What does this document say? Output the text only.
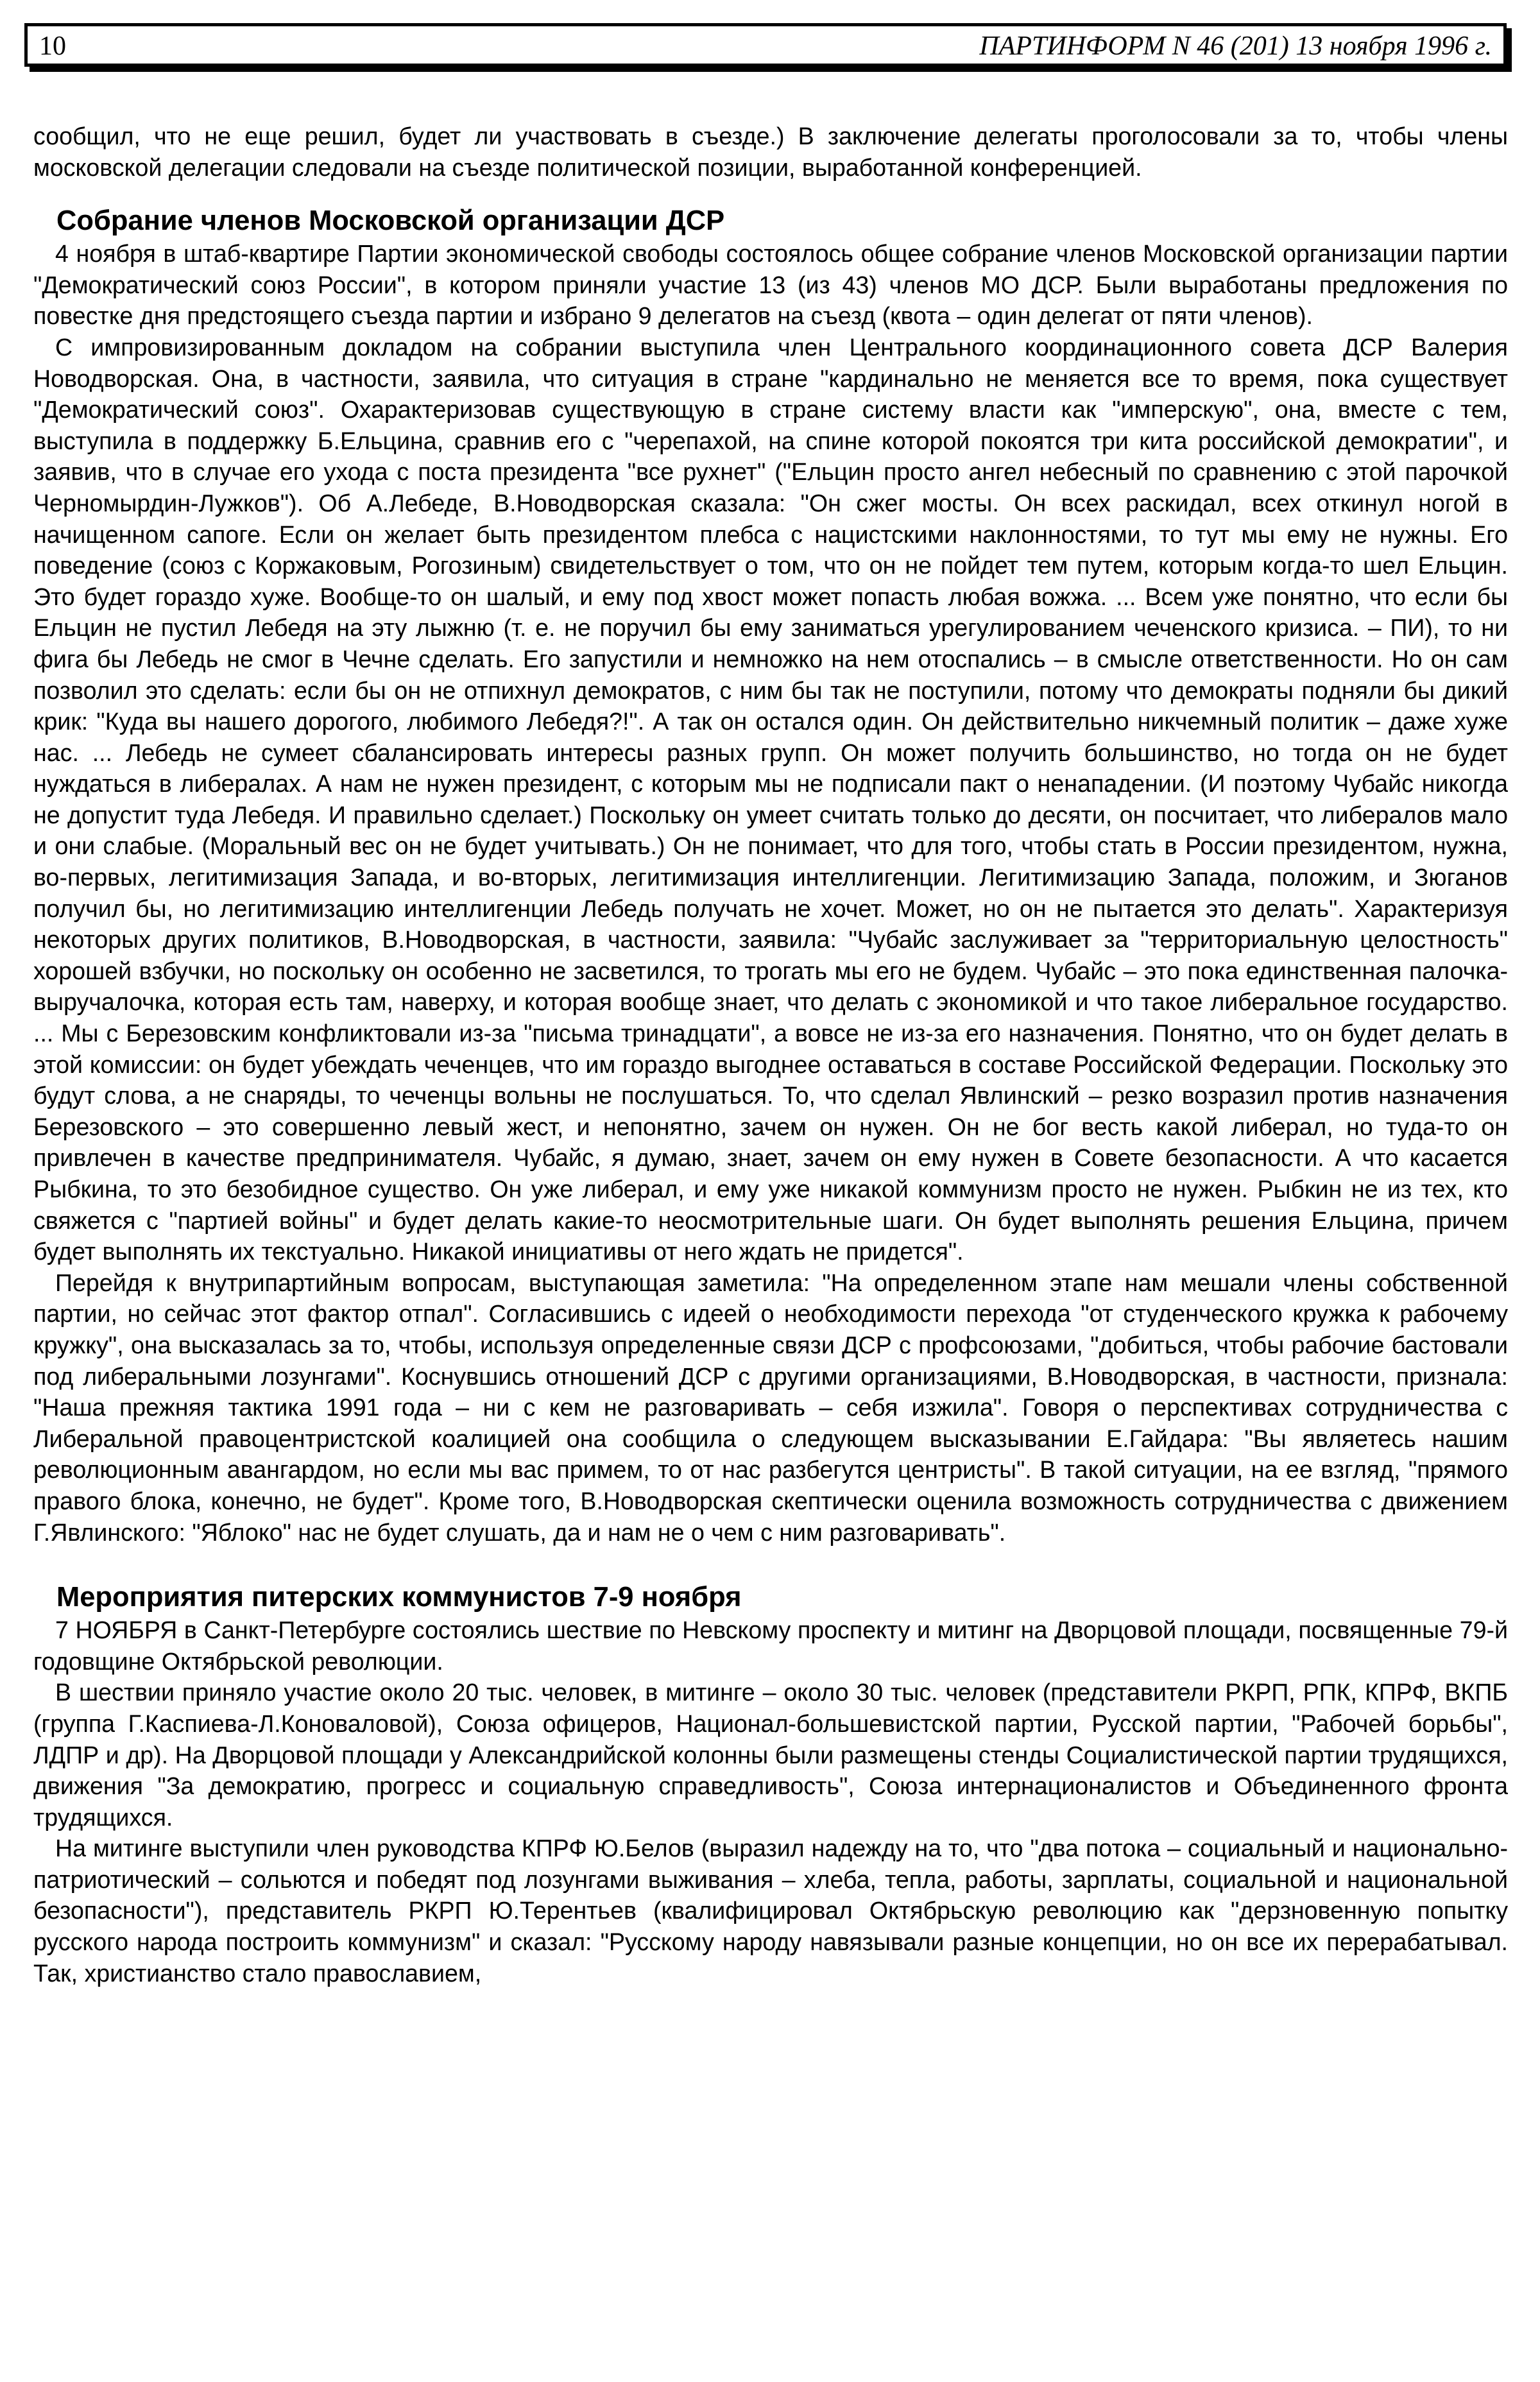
10	ПАРТИНФОРМ N 46 (201) 13 ноября 1996 г.

сообщил, что не еще решил, будет ли участвовать в съезде.) В заключение делегаты проголосовали за то, чтобы члены московской делегации следовали на съезде политической позиции, выработанной конференцией.

Собрание членов Московской организации ДСР

4 ноября в штаб-квартире Партии экономической свободы состоялось общее собрание членов Московской организации партии "Демократический союз России", в котором приняли участие 13 (из 43) членов МО ДСР. Были выработаны предложения по повестке дня предстоящего съезда партии и избрано 9 делегатов на съезд (квота – один делегат от пяти членов).

С импровизированным докладом на собрании выступила член Центрального координационного совета ДСР Валерия Новодворская. Она, в частности, заявила, что ситуация в стране "кардинально не меняется все то время, пока существует "Демократический союз". Охарактеризовав существующую в стране систему власти как "имперскую", она, вместе с тем, выступила в поддержку Б.Ельцина, сравнив его с "черепахой, на спине которой покоятся три кита российской демократии", и заявив, что в случае его ухода с поста президента "все рухнет" ("Ельцин просто ангел небесный по сравнению с этой парочкой Черномырдин-Лужков"). Об А.Лебеде, В.Новодворская сказала: "Он сжег мосты. Он всех раскидал, всех откинул ногой в начищенном сапоге. Если он желает быть президентом плебса с нацистскими наклонностями, то тут мы ему не нужны. Его поведение (союз с Коржаковым, Рогозиным) свидетельствует о том, что он не пойдет тем путем, которым когда-то шел Ельцин. Это будет гораздо хуже. Вообще-то он шалый, и ему под хвост может попасть любая вожжа. ... Всем уже понятно, что если бы Ельцин не пустил Лебедя на эту лыжню (т. е. не поручил бы ему заниматься урегулированием чеченского кризиса. – ПИ), то ни фига бы Лебедь не смог в Чечне сделать. Его запустили и немножко на нем отоспались – в смысле ответственности. Но он сам позволил это сделать: если бы он не отпихнул демократов, с ним бы так не поступили, потому что демократы подняли бы дикий крик: "Куда вы нашего дорогого, любимого Лебедя?!". А так он остался один. Он действительно никчемный политик – даже хуже нас. ... Лебедь не сумеет сбалансировать интересы разных групп. Он может получить большинство, но тогда он не будет нуждаться в либералах. А нам не нужен президент, с которым мы не подписали пакт о ненападении. (И поэтому Чубайс никогда не допустит туда Лебедя. И правильно сделает.) Поскольку он умеет считать только до десяти, он посчитает, что либералов мало и они слабые. (Моральный вес он не будет учитывать.) Он не понимает, что для того, чтобы стать в России президентом, нужна, во-первых, легитимизация Запада, и во-вторых, легитимизация интеллигенции. Легитимизацию Запада, положим, и Зюганов получил бы, но легитимизацию интеллигенции Лебедь получать не хочет. Может, но он не пытается это делать". Характеризуя некоторых других политиков, В.Новодворская, в частности, заявила: "Чубайс заслуживает за "территориальную целостность" хорошей взбучки, но поскольку он особенно не засветился, то трогать мы его не будем. Чубайс – это пока единственная палочка-выручалочка, которая есть там, наверху, и которая вообще знает, что делать с экономикой и что такое либеральное государство. ... Мы с Березовским конфликтовали из-за "письма тринадцати", а вовсе не из-за его назначения. Понятно, что он будет делать в этой комиссии: он будет убеждать чеченцев, что им гораздо выгоднее оставаться в составе Российской Федерации. Поскольку это будут слова, а не снаряды, то чеченцы вольны не послушаться. То, что сделал Явлинский – резко возразил против назначения Березовского – это совершенно левый жест, и непонятно, зачем он нужен. Он не бог весть какой либерал, но туда-то он привлечен в качестве предпринимателя. Чубайс, я думаю, знает, зачем он ему нужен в Совете безопасности. А что касается Рыбкина, то это безобидное существо. Он уже либерал, и ему уже никакой коммунизм просто не нужен. Рыбкин не из тех, кто свяжется с "партией войны" и будет делать какие-то неосмотрительные шаги. Он будет выполнять решения Ельцина, причем будет выполнять их текстуально. Никакой инициативы от него ждать не придется".

Перейдя к внутрипартийным вопросам, выступающая заметила: "На определенном этапе нам мешали члены собственной партии, но сейчас этот фактор отпал". Согласившись с идеей о необходимости перехода "от студенческого кружка к рабочему кружку", она высказалась за то, чтобы, используя определенные связи ДСР с профсоюзами, "добиться, чтобы рабочие бастовали под либеральными лозунгами". Коснувшись отношений ДСР с другими организациями, В.Новодворская, в частности, признала: "Наша прежняя тактика 1991 года – ни с кем не разговаривать – себя изжила". Говоря о перспективах сотрудничества с Либеральной правоцентристской коалицией она сообщила о следующем высказывании Е.Гайдара: "Вы являетесь нашим революционным авангардом, но если мы вас примем, то от нас разбегутся центристы". В такой ситуации, на ее взгляд, "прямого правого блока, конечно, не будет". Кроме того, В.Новодворская скептически оценила возможность сотрудничества с движением Г.Явлинского: "Яблоко" нас не будет слушать, да и нам не о чем с ним разговаривать".

Мероприятия питерских коммунистов 7-9 ноября

7 НОЯБРЯ в Санкт-Петербурге состоялись шествие по Невскому проспекту и митинг на Дворцовой площади, посвященные 79-й годовщине Октябрьской революции.

В шествии приняло участие около 20 тыс. человек, в митинге – около 30 тыс. человек (представители РКРП, РПК, КПРФ, ВКПБ (группа Г.Каспиева-Л.Коноваловой), Союза офицеров, Национал-большевистской партии, Русской партии, "Рабочей борьбы", ЛДПР и др). На Дворцовой площади у Александрийской колонны были размещены стенды Социалистической партии трудящихся, движения "За демократию, прогресс и социальную справедливость", Союза интернационалистов и Объединенного фронта трудящихся.

На митинге выступили член руководства КПРФ Ю.Белов (выразил надежду на то, что "два потока – социальный и национально-патриотический – сольются и победят под лозунгами выживания – хлеба, тепла, работы, зарплаты, социальной и национальной безопасности"), представитель РКРП Ю.Терентьев (квалифицировал Октябрьскую революцию как "дерзновенную попытку русского народа построить коммунизм" и сказал: "Русскому народу навязывали разные концепции, но он все их перерабатывал. Так, христианство стало православием,
